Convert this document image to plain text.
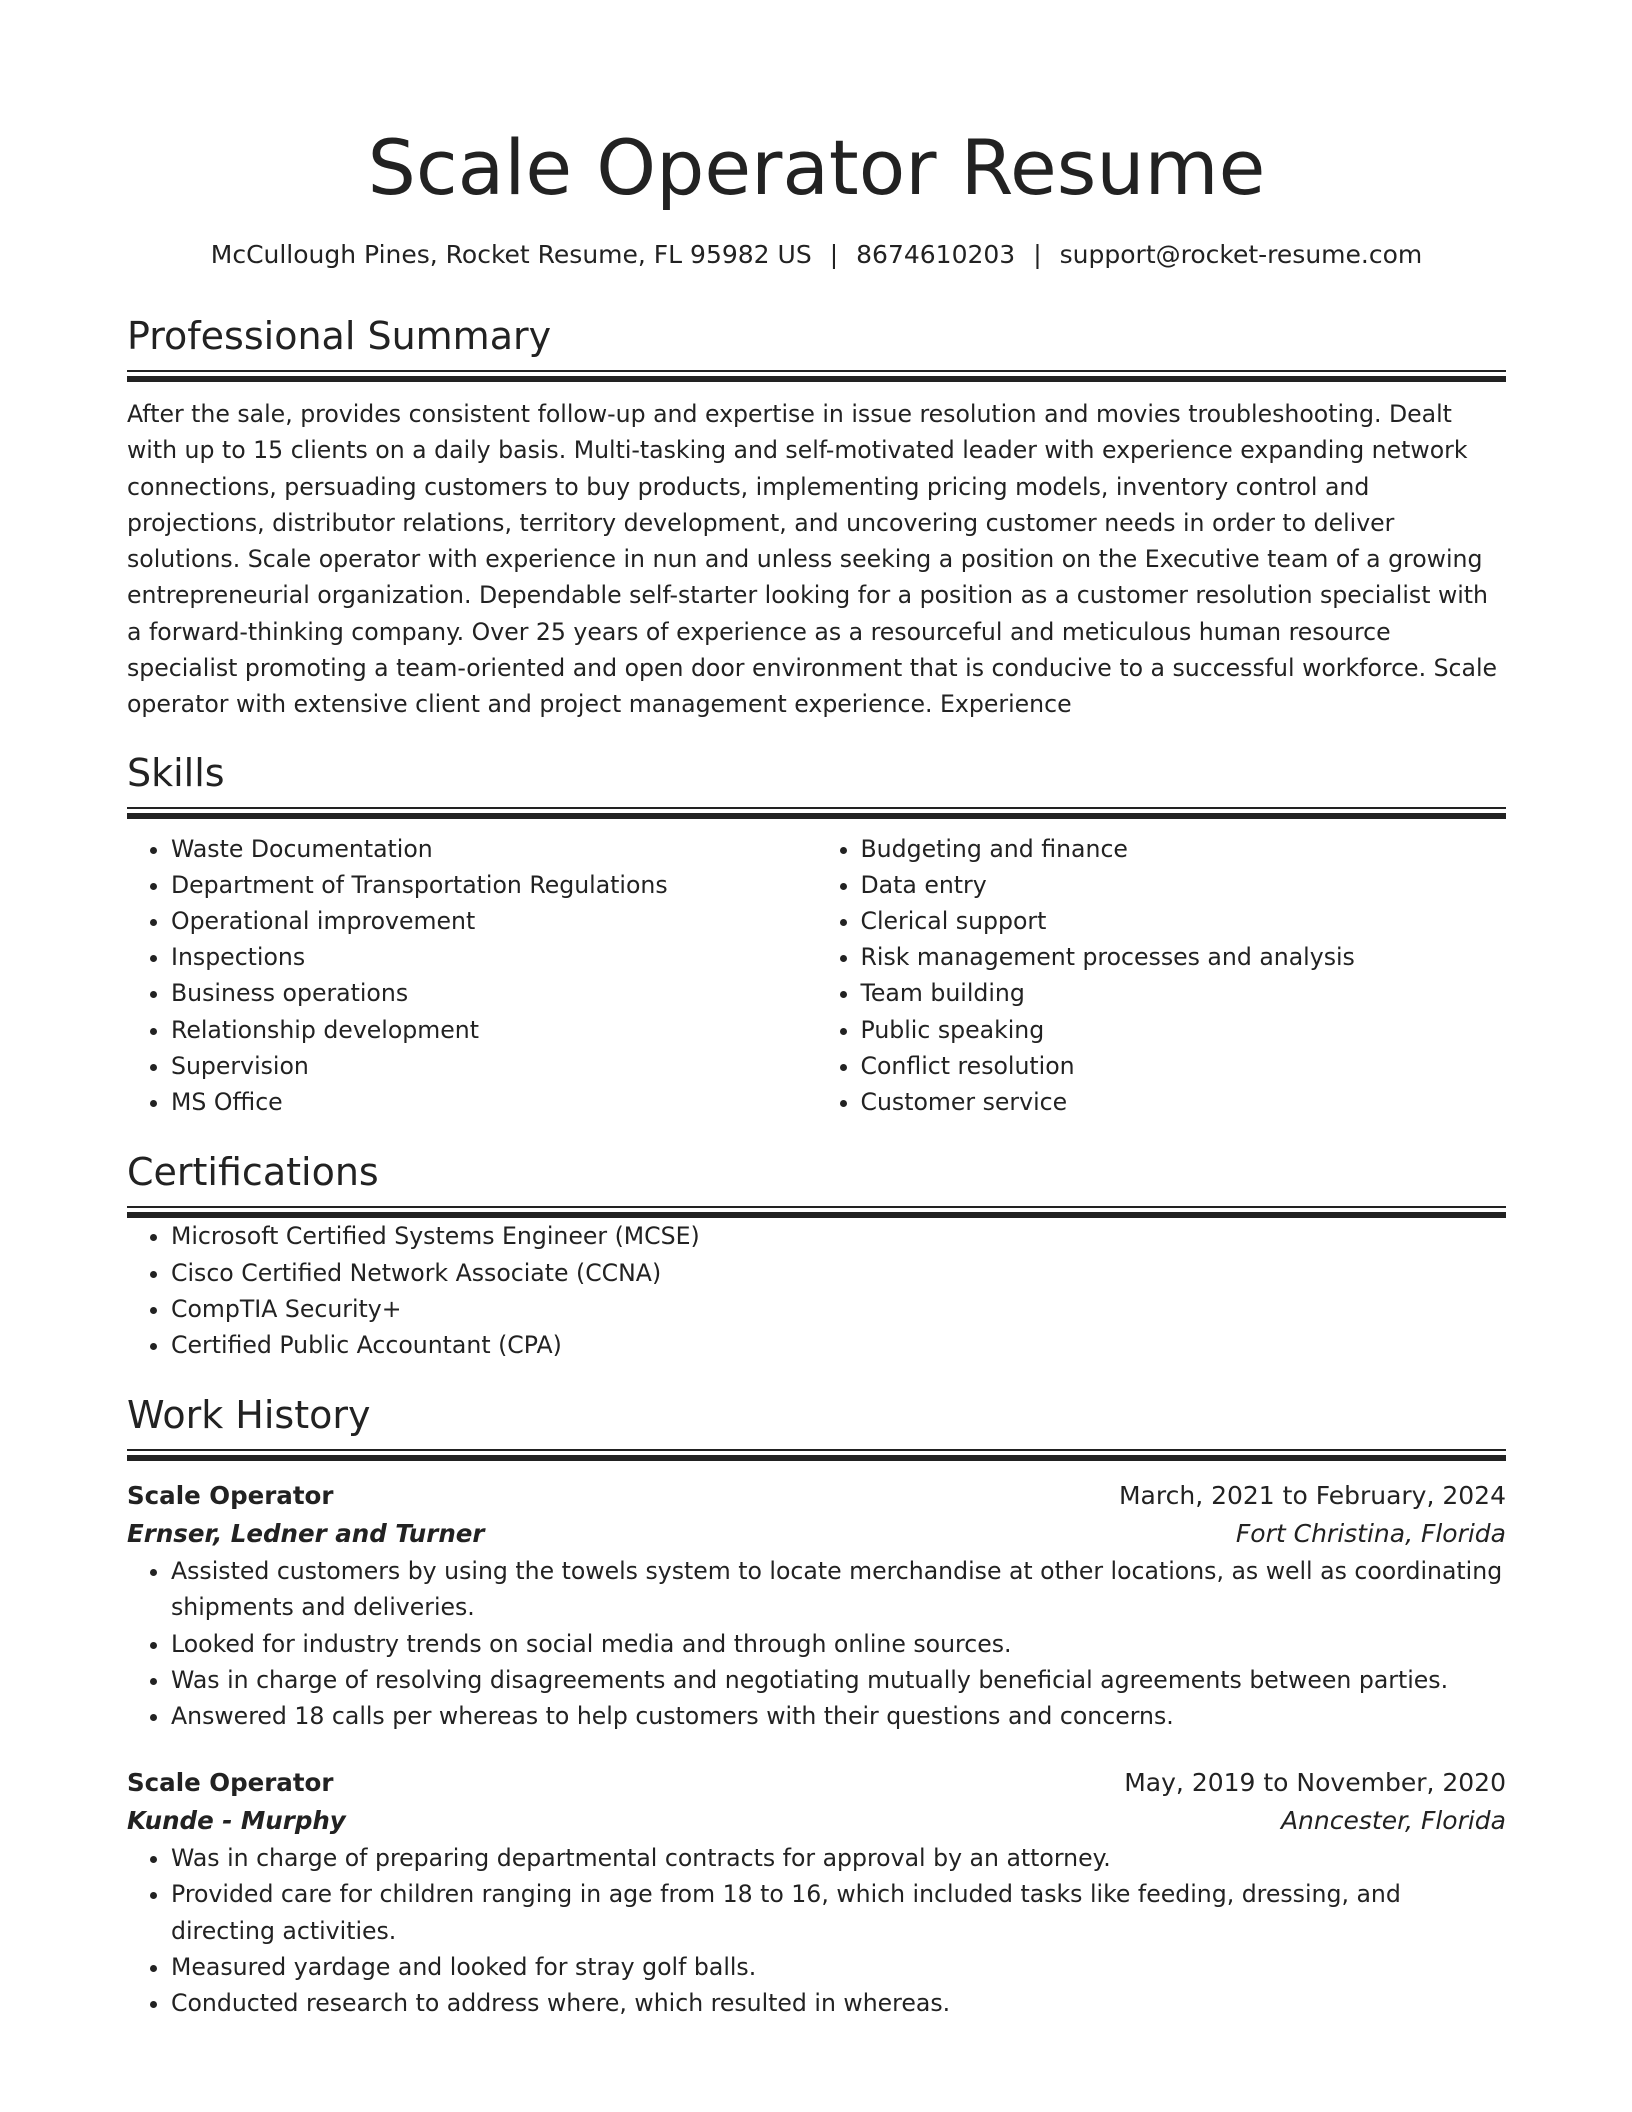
Scale Operator Resume
McCullough Pines, Rocket Resume, FL 95982 US | 8674610203 | support@rocket-resume.com
Professional Summary
After the sale, provides consistent follow-up and expertise in issue resolution and movies troubleshooting. Dealt with up to 15 clients on a daily basis. Multi-tasking and self-motivated leader with experience expanding network connections, persuading customers to buy products, implementing pricing models, inventory control and projections, distributor relations, territory development, and uncovering customer needs in order to deliver solutions. Scale operator with experience in nun and unless seeking a position on the Executive team of a growing entrepreneurial organization. Dependable self-starter looking for a position as a customer resolution specialist with a forward-thinking company. Over 25 years of experience as a resourceful and meticulous human resource specialist promoting a team-oriented and open door environment that is conducive to a successful workforce. Scale operator with extensive client and project management experience. Experience
Skills
• Waste Documentation
• Department of Transportation Regulations
• Operational improvement
• Inspections
• Business operations
• Relationship development
• Supervision
• MS Office
• Budgeting and finance
• Data entry
• Clerical support
• Risk management processes and analysis
• Team building
• Public speaking
• Conflict resolution
• Customer service
Certifications
• Microsoft Certified Systems Engineer (MCSE)
• Cisco Certified Network Associate (CCNA)
• CompTIA Security+
• Certified Public Accountant (CPA)
Work History
Scale Operator	March, 2021 to February, 2024
Ernser, Ledner and Turner	Fort Christina, Florida
• Assisted customers by using the towels system to locate merchandise at other locations, as well as coordinating shipments and deliveries.
• Looked for industry trends on social media and through online sources.
• Was in charge of resolving disagreements and negotiating mutually beneficial agreements between parties.
• Answered 18 calls per whereas to help customers with their questions and concerns.
Scale Operator	May, 2019 to November, 2020
Kunde - Murphy	Anncester, Florida
• Was in charge of preparing departmental contracts for approval by an attorney.
• Provided care for children ranging in age from 18 to 16, which included tasks like feeding, dressing, and directing activities.
• Measured yardage and looked for stray golf balls.
• Conducted research to address where, which resulted in whereas.
